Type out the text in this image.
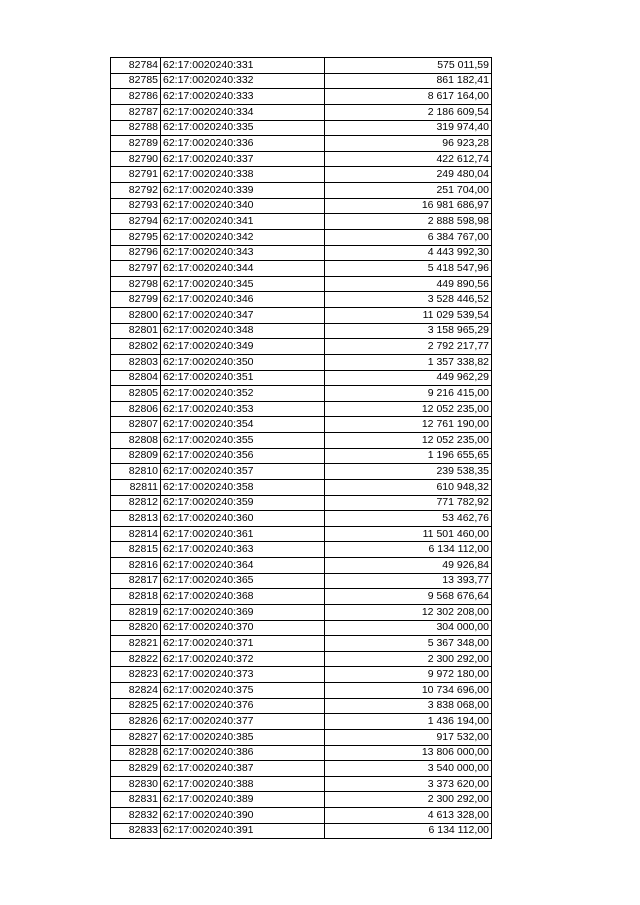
82784	62:17:0020240:331	575 011,59
82785	62:17:0020240:332	861 182,41
82786	62:17:0020240:333	8 617 164,00
82787	62:17:0020240:334	2 186 609,54
82788	62:17:0020240:335	319 974,40
82789	62:17:0020240:336	96 923,28
82790	62:17:0020240:337	422 612,74
82791	62:17:0020240:338	249 480,04
82792	62:17:0020240:339	251 704,00
82793	62:17:0020240:340	16 981 686,97
82794	62:17:0020240:341	2 888 598,98
82795	62:17:0020240:342	6 384 767,00
82796	62:17:0020240:343	4 443 992,30
82797	62:17:0020240:344	5 418 547,96
82798	62:17:0020240:345	449 890,56
82799	62:17:0020240:346	3 528 446,52
82800	62:17:0020240:347	11 029 539,54
82801	62:17:0020240:348	3 158 965,29
82802	62:17:0020240:349	2 792 217,77
82803	62:17:0020240:350	1 357 338,82
82804	62:17:0020240:351	449 962,29
82805	62:17:0020240:352	9 216 415,00
82806	62:17:0020240:353	12 052 235,00
82807	62:17:0020240:354	12 761 190,00
82808	62:17:0020240:355	12 052 235,00
82809	62:17:0020240:356	1 196 655,65
82810	62:17:0020240:357	239 538,35
82811	62:17:0020240:358	610 948,32
82812	62:17:0020240:359	771 782,92
82813	62:17:0020240:360	53 462,76
82814	62:17:0020240:361	11 501 460,00
82815	62:17:0020240:363	6 134 112,00
82816	62:17:0020240:364	49 926,84
82817	62:17:0020240:365	13 393,77
82818	62:17:0020240:368	9 568 676,64
82819	62:17:0020240:369	12 302 208,00
82820	62:17:0020240:370	304 000,00
82821	62:17:0020240:371	5 367 348,00
82822	62:17:0020240:372	2 300 292,00
82823	62:17:0020240:373	9 972 180,00
82824	62:17:0020240:375	10 734 696,00
82825	62:17:0020240:376	3 838 068,00
82826	62:17:0020240:377	1 436 194,00
82827	62:17:0020240:385	917 532,00
82828	62:17:0020240:386	13 806 000,00
82829	62:17:0020240:387	3 540 000,00
82830	62:17:0020240:388	3 373 620,00
82831	62:17:0020240:389	2 300 292,00
82832	62:17:0020240:390	4 613 328,00
82833	62:17:0020240:391	6 134 112,00
